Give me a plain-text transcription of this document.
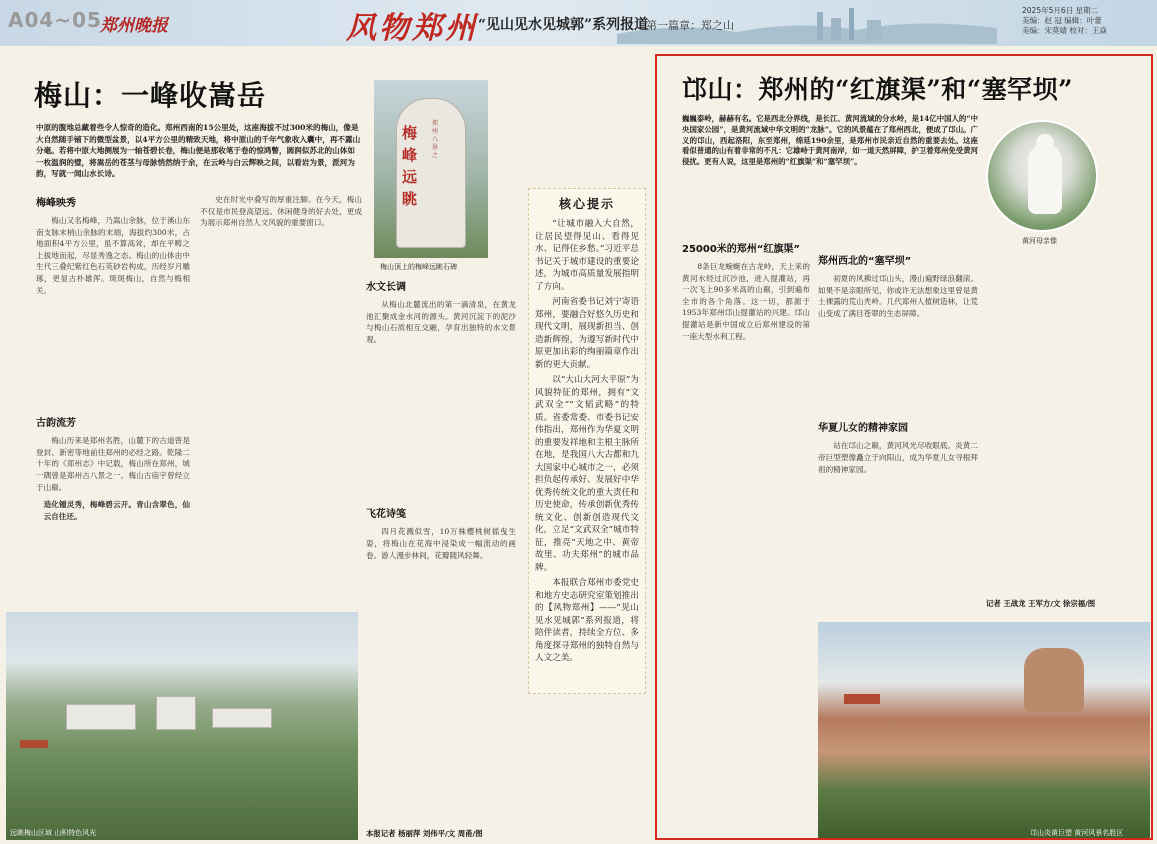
A04~05
郑州晚报	风物郑州 “见山见水见城郭”系列报道
第一篇章：郑之山
2025年5月6日 星期二
美编：赵 冠 编辑：叶蕾
美编：宋莫婧 校对：王焱
梅山：一峰收嵩岳
中原的腹地总藏着些令人惊奇的造化。郑州西南的15公里处，这座海拔不过300米的梅山，像是大自然随手铺下的微型盆景，以4平方公里的精致天地，将中原山的千年气象收入囊中，再不露山分毫。若将中原大地侧展为一轴苍碧长卷，梅山便是那收笔于卷的惊鸿瞥，圆润似苏北的山体如一枚温润的璧，将嵩岳的苍茎与母脉悄然纳于余，在云岭与白云辉映之间，以看岩为景，派河为韵，写就一闻山水长诗。
梅峰远眺
郑州八景之
梅山顶上的梅峰远眺石碑
梅峰映秀
梅山又名梅峰，乃嵩山余脉，位于溪山东南支脉末梢山余脉的末端，海拔约300米，占地面积4平方公里，虽不算高耸，却在平畴之上拔地而起，尽显秀逸之态。梅山的山体由中生代三叠纪紫红色石英砂岩构成，历经岁月雕琢，更显古朴雄浑。斑斑梅山，自然与梅相关。
古韵流芳
梅山历来是郑州名胜，山麓下的古道曾是登封、新密等地前往郑州的必经之路。乾隆二十年的《郑州志》中记载，梅山所在郑州，城一隅曾是郑州古八景之一。梅山古庙宇曾经立于山巅。
造化锺灵秀，梅峰碧云开。青山含翠色，仙云自往还。
史在时光中叠写的厚重注脚。在今天，梅山不仅是市民登高望远、休闲健身的好去处，更成为展示郑州自然人文风貌的重要窗口。
水文长调
从梅山北麓流出的第一滴清泉，在黄龙池汇聚成金水河的源头。黄河沉淀下的泥沙与梅山石质相互交融，孕育出独特的水文景观。
飞花诗笺
四月花溅似雪，10万株樱桃树摇曳生姿，将梅山在花海中浸染成一幅流动的画卷。游人漫步林间，花瓣随风轻舞。
远眺梅山区域 山积特色风光	本报记者 杨丽萍 刘伟平/文 周甬/图
核心提示

“让城市融入大自然，让居民望得见山、看得见水、记得住乡愁。”习近平总书记关于城市建设的重要论述，为城市高质量发展指明了方向。

河南省委书记刘宁寄语郑州，要融合好悠久历史和现代文明，展现新担当、创造新辉煌，为遵写新时代中原更加出彩的绚丽篇章作出新的更大贡献。

以“大山大河大平原”为风貌特征的郑州，拥有“文武双全”“文韬武略”的特质。省委常委、市委书记安伟指出，郑州作为华夏文明的重要发祥地和主根主脉所在地，是我国八大古都和九大国家中心城市之一，必须担负起传承好、发展好中华优秀传统文化的重大责任和历史使命，传承创新优秀传统文化、创新创造现代文化，立足“文武双全”城市特征，推亮“天地之中、黄帝故里、功夫郑州”的城市品牌。

本报联合郑州市委党史和地方史志研究室策划推出的【风物郑州】——“见山见水见城郭”系列报道，将陪伴读者，持续全方位、多角度探寻郑州的独特自然与人文之美。

邙山：郑州的“红旗渠”和“塞罕坝”
巍巍泰岭，赫赫有名。它是西北分界线，是长江、黄河流域的分水岭，是14亿中国人的“中央国家公园”，是黄河流域中华文明的“龙脉”。它的风景蕴在了郑州西北，便成了邙山。广义的邙山，西起洛阳，东至郑州，绵延190余里，是郑州市民亲近自然的重要去处。这座看似普通的山有着非常的不凡：它雄峙于黄河南岸，如一道天然屏障，护卫着郑州免受黄河侵扰。更有人说，这里是郑州的“红旗渠”和“塞罕坝”。
黄河母亲像
25000米的郑州“红旗渠”
8条巨龙蜿蜒在古龙岭，天上来的黄河水经过沉沙池，进入提灌站，再一次飞上90多米高的山巅，引到遍布全市的各个角落。这一切，都源于1953年郑州邙山提灌站的兴建。邙山提灌站是新中国成立后郑州建设的第一座大型水利工程。
郑州西北的“塞罕坝”
初夏的风拂过邙山头，漫山遍野绿浪翻滚。如果不是亲眼所见，你或许无法想象这里曾是黄土裸露的荒山秃岭。几代郑州人植树造林，让荒山变成了满目苍翠的生态屏障。
华夏儿女的精神家园
站在邙山之巅，黄河风光尽收眼底。炎黄二帝巨型塑像矗立于向阳山，成为华夏儿女寻根拜祖的精神家园。
记者 王战龙 王军方/文 徐宗福/图
邙山炎黄巨塑 黄河风景名胜区
